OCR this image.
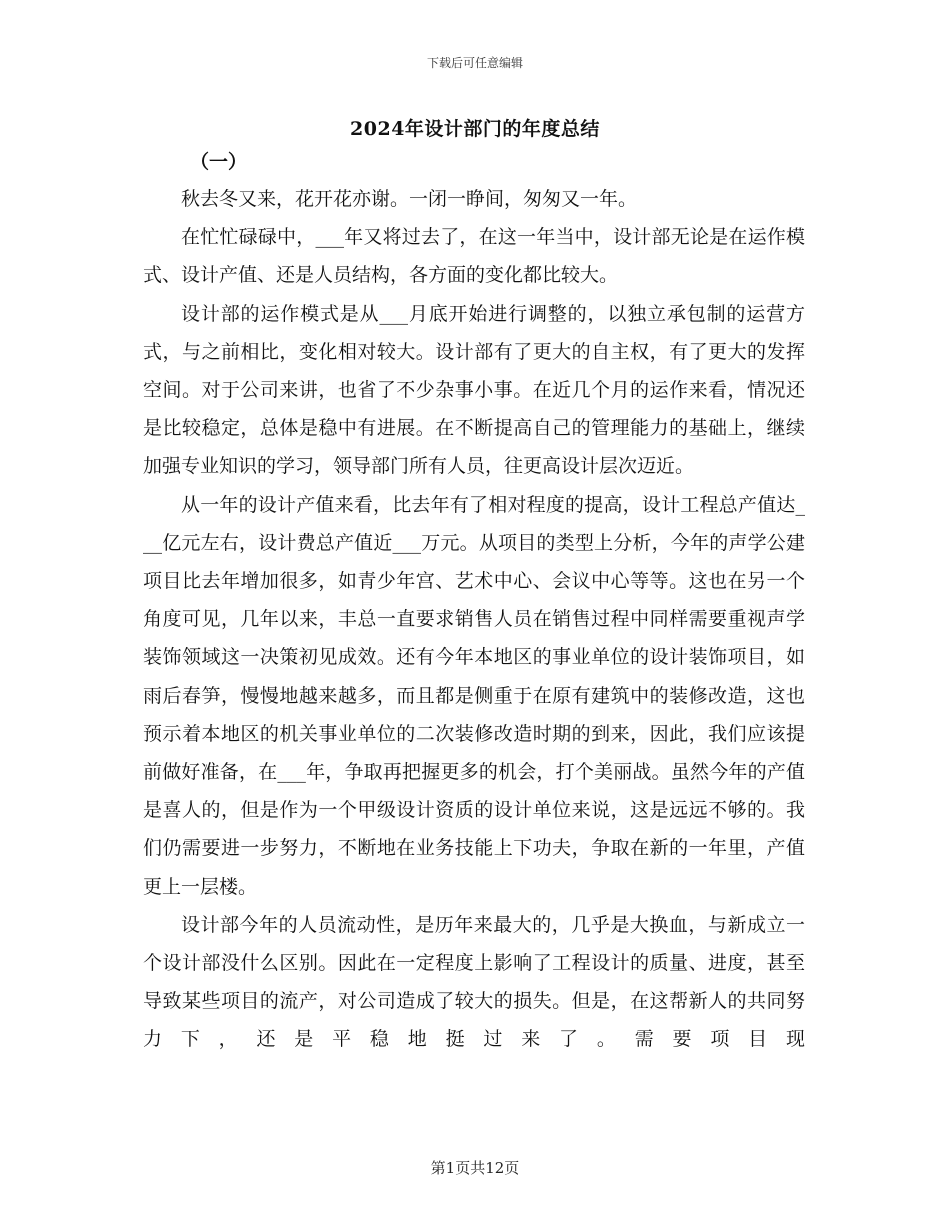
下载后可任意编辑
2024年设计部门的年度总结
（一）

秋去冬又来，花开花亦谢。一闭一睁间，匆匆又一年。

在忙忙碌碌中，___年又将过去了，在这一年当中，设计部无论是在运作模式、设计产值、还是人员结构，各方面的变化都比较大。

设计部的运作模式是从___月底开始进行调整的，以独立承包制的运营方式，与之前相比，变化相对较大。设计部有了更大的自主权，有了更大的发挥空间。对于公司来讲，也省了不少杂事小事。在近几个月的运作来看，情况还是比较稳定，总体是稳中有进展。在不断提高自己的管理能力的基础上，继续加强专业知识的学习，领导部门所有人员，往更高设计层次迈近。

从一年的设计产值来看，比去年有了相对程度的提高，设计工程总产值达___亿元左右，设计费总产值近___万元。从项目的类型上分析，今年的声学公建项目比去年增加很多，如青少年宫、艺术中心、会议中心等等。这也在另一个角度可见，几年以来，丰总一直要求销售人员在销售过程中同样需要重视声学装饰领域这一决策初见成效。还有今年本地区的事业单位的设计装饰项目，如雨后春笋，慢慢地越来越多，而且都是侧重于在原有建筑中的装修改造，这也预示着本地区的机关事业单位的二次装修改造时期的到来，因此，我们应该提前做好准备，在___年，争取再把握更多的机会，打个美丽战。虽然今年的产值是喜人的，但是作为一个甲级设计资质的设计单位来说，这是远远不够的。我们仍需要进一步努力，不断地在业务技能上下功夫，争取在新的一年里，产值更上一层楼。

设计部今年的人员流动性，是历年来最大的，几乎是大换血，与新成立一个设计部没什么区别。因此在一定程度上影响了工程设计的质量、进度，甚至导致某些项目的流产，对公司造成了较大的损失。但是，在这帮新人的共同努力下，还是平稳地挺过来了。需要项目现

第1页共12页
